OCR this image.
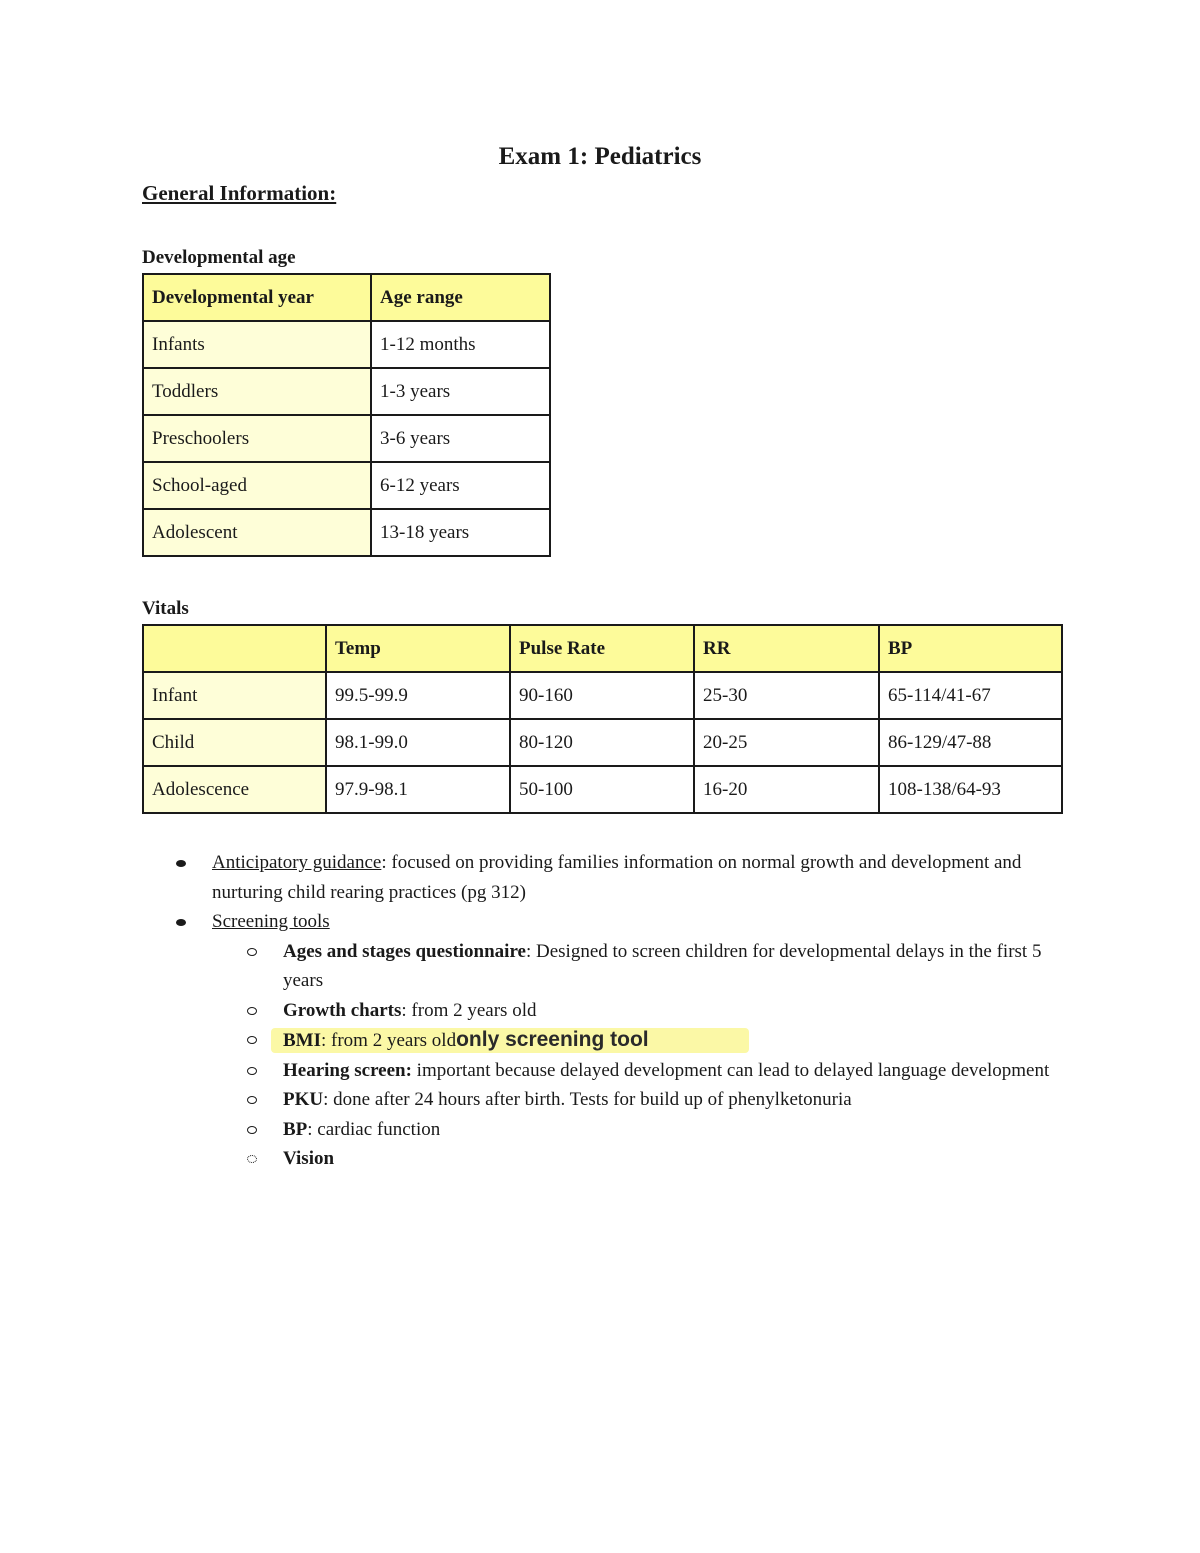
Exam 1: Pediatrics
General Information:

Developmental age

Developmental year	Age range
Infants	1-12 months
Toddlers	1-3 years
Preschoolers	3-6 years
School-aged	6-12 years
Adolescent	13-18 years

Vitals

	Temp	Pulse Rate	RR	BP
Infant	99.5-99.9	90-160	25-30	65-114/41-67
Child	98.1-99.0	80-120	20-25	86-129/47-88
Adolescence	97.9-98.1	50-100	16-20	108-138/64-93
Anticipatory guidance: focused on providing families information on normal growth and development and nurturing child rearing practices (pg 312)
Screening tools
Ages and stages questionnaire: Designed to screen children for developmental delays in the first 5 years
Growth charts: from 2 years old
BMI: from 2 years oldonly screening tool
Hearing screen: important because delayed development can lead to delayed language development
PKU: done after 24 hours after birth. Tests for build up of phenylketonuria
BP: cardiac function
Vision
